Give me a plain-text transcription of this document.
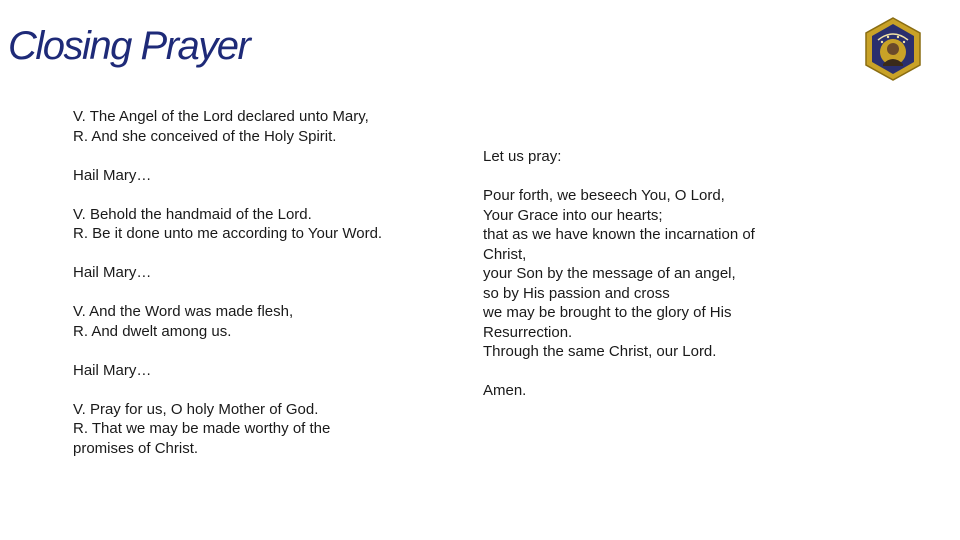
Closing Prayer
V. The Angel of the Lord declared unto Mary,
R. And she conceived of the Holy Spirit.
Hail Mary…
V. Behold the handmaid of the Lord.
R. Be it done unto me according to Your Word.
Hail Mary…
V. And the Word was made flesh,
R. And dwelt among us.
Hail Mary…
V. Pray for us, O holy Mother of God.
R. That we may be made worthy of the
promises of Christ.
Let us pray:
Pour forth, we beseech You, O Lord,
Your Grace into our hearts;
that as we have known the incarnation of
Christ,
your Son by the message of an angel,
so by His passion and cross
we may be brought to the glory of His
Resurrection.
Through the same Christ, our Lord.
Amen.
